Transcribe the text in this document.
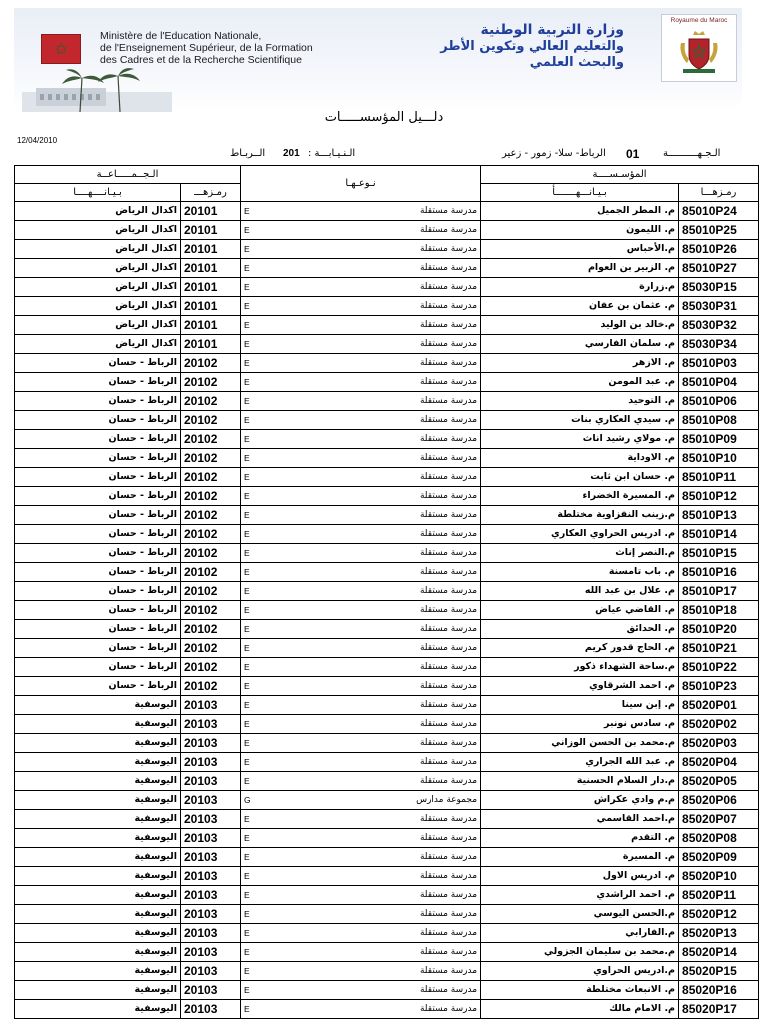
✩
Ministère de l'Education Nationale,
de l'Enseignement Supérieur, de la Formation
des Cadres et de la Recherche Scientifique
وزارة التربية الوطنية
والتعليم العالي وتكوين الأطر
والبحث العلمي
Royaume du Maroc
دلـــيل المؤسســـــات
12/04/2010
الـجـهــــــــــة
01
الرباط- سلا- زمور - زعير
الـنـيـابـــة :
201
الــربـاط
الـجــمـــــاعــة		نـوعـهـا		المؤسـســــة	
بـيـانــــهــــا	رمـزهـــ			بـيـانـــهـــــــأ	رمـزهـــا
اكدال الرياض	20101	E	مدرسة مستقلة	م. المطر الجميل	85010P24
اكدال الرياض	20101	E	مدرسة مستقلة	م. الليمون	85010P25
اكدال الرياض	20101	E	مدرسة مستقلة	م.الأحباس	85010P26
اكدال الرياض	20101	E	مدرسة مستقلة	م. الزبير بن العوام	85010P27
اكدال الرياض	20101	E	مدرسة مستقلة	م.زرارة	85030P15
اكدال الرياض	20101	E	مدرسة مستقلة	م. عثمان بن عفان	85030P31
اكدال الرياض	20101	E	مدرسة مستقلة	م.خالد بن الوليد	85030P32
اكدال الرياض	20101	E	مدرسة مستقلة	م. سلمان الفارسي	85030P34
الرباط - حسان	20102	E	مدرسة مستقلة	م. الازهر	85010P03
الرباط - حسان	20102	E	مدرسة مستقلة	م. عبد المومن	85010P04
الرباط - حسان	20102	E	مدرسة مستقلة	م. التوحيد	85010P06
الرباط - حسان	20102	E	مدرسة مستقلة	م. سيدي العكاري بنات	85010P08
الرباط - حسان	20102	E	مدرسة مستقلة	م. مولاي رشيد اناث	85010P09
الرباط - حسان	20102	E	مدرسة مستقلة	م. الاوداية	85010P10
الرباط - حسان	20102	E	مدرسة مستقلة	م. حسان ابن ثابت	85010P11
الرباط - حسان	20102	E	مدرسة مستقلة	م. المسيرة الخضراء	85010P12
الرباط - حسان	20102	E	مدرسة مستقلة	م.زينب النفزاوية مختلطة	85010P13
الرباط - حسان	20102	E	مدرسة مستقلة	م. ادريس الحراوي العكاري	85010P14
الرباط - حسان	20102	E	مدرسة مستقلة	م.النصر إناث	85010P15
الرباط - حسان	20102	E	مدرسة مستقلة	م. باب تامسنة	85010P16
الرباط - حسان	20102	E	مدرسة مستقلة	م. علال بن عبد الله	85010P17
الرباط - حسان	20102	E	مدرسة مستقلة	م. القاضي عياض	85010P18
الرباط - حسان	20102	E	مدرسة مستقلة	م. الحدائق	85010P20
الرباط - حسان	20102	E	مدرسة مستقلة	م. الحاج قدور كريم	85010P21
الرباط - حسان	20102	E	مدرسة مستقلة	م.ساحة الشهداء ذكور	85010P22
الرباط - حسان	20102	E	مدرسة مستقلة	م. احمد الشرقاوي	85010P23
اليوسفية	20103	E	مدرسة مستقلة	م. إبن سينا	85020P01
اليوسفية	20103	E	مدرسة مستقلة	م. سادس نونبر	85020P02
اليوسفية	20103	E	مدرسة مستقلة	م.محمد بن الحسن الوزاني	85020P03
اليوسفية	20103	E	مدرسة مستقلة	م. عبد الله الجراري	85020P04
اليوسفية	20103	E	مدرسة مستقلة	م.دار السلام الحسنية	85020P05
اليوسفية	20103	G	مجموعة مدارس	م.م وادي عكراش	85020P06
اليوسفية	20103	E	مدرسة مستقلة	م.احمد القاسمي	85020P07
اليوسفية	20103	E	مدرسة مستقلة	م. التقدم	85020P08
اليوسفية	20103	E	مدرسة مستقلة	م. المسيرة	85020P09
اليوسفية	20103	E	مدرسة مستقلة	م. ادريس الاول	85020P10
اليوسفية	20103	E	مدرسة مستقلة	م. احمد الراشدي	85020P11
اليوسفية	20103	E	مدرسة مستقلة	م.الحسن اليوسي	85020P12
اليوسفية	20103	E	مدرسة مستقلة	م.الفارابي	85020P13
اليوسفية	20103	E	مدرسة مستقلة	م.محمد بن سليمان الجزولي	85020P14
اليوسفية	20103	E	مدرسة مستقلة	م.ادريس الحراوي	85020P15
اليوسفية	20103	E	مدرسة مستقلة	م. الانبعاث مختلطة	85020P16
اليوسفية	20103	E	مدرسة مستقلة	م. الامام مالك	85020P17
